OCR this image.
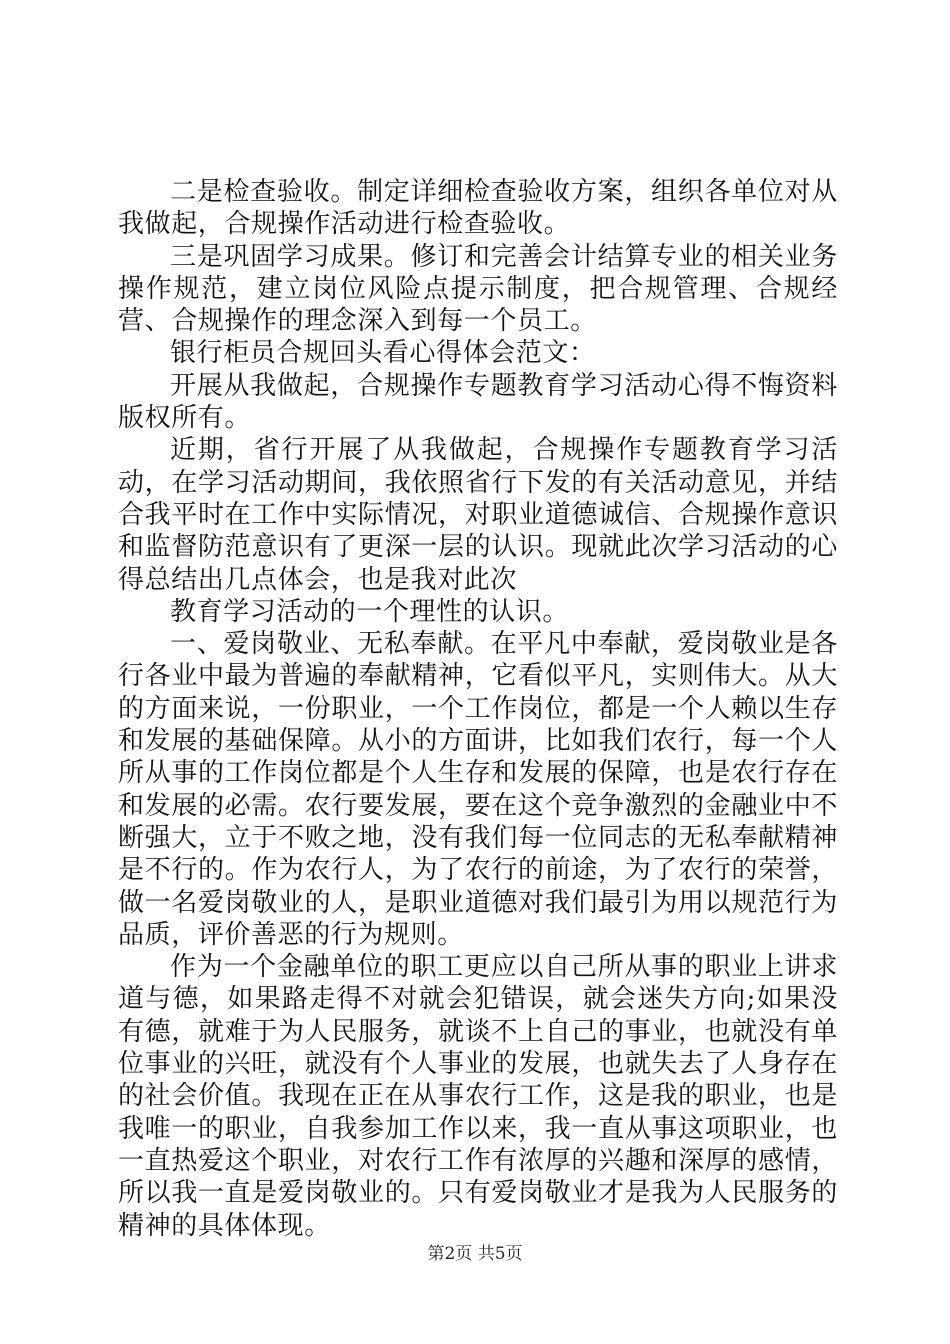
二是检查验收。制定详细检查验收方案，组织各单位对从我做起，合规操作活动进行检查验收。

三是巩固学习成果。修订和完善会计结算专业的相关业务操作规范，建立岗位风险点提示制度，把合规管理、合规经营、合规操作的理念深入到每一个员工。

银行柜员合规回头看心得体会范文：

开展从我做起，合规操作专题教育学习活动心得不悔资料版权所有。

近期，省行开展了从我做起，合规操作专题教育学习活动，在学习活动期间，我依照省行下发的有关活动意见，并结合我平时在工作中实际情况，对职业道德诚信、合规操作意识和监督防范意识有了更深一层的认识。现就此次学习活动的心得总结出几点体会，也是我对此次

教育学习活动的一个理性的认识。

一、爱岗敬业、无私奉献。在平凡中奉献，爱岗敬业是各行各业中最为普遍的奉献精神，它看似平凡，实则伟大。从大的方面来说，一份职业，一个工作岗位，都是一个人赖以生存和发展的基础保障。从小的方面讲，比如我们农行，每一个人所从事的工作岗位都是个人生存和发展的保障，也是农行存在和发展的必需。农行要发展，要在这个竞争激烈的金融业中不断强大，立于不败之地，没有我们每一位同志的无私奉献精神是不行的。作为农行人，为了农行的前途，为了农行的荣誉，做一名爱岗敬业的人，是职业道德对我们最引为用以规范行为品质，评价善恶的行为规则。

作为一个金融单位的职工更应以自己所从事的职业上讲求道与德，如果路走得不对就会犯错误，就会迷失方向;如果没有德，就难于为人民服务，就谈不上自己的事业，也就没有单位事业的兴旺，就没有个人事业的发展，也就失去了人身存在的社会价值。我现在正在从事农行工作，这是我的职业，也是我唯一的职业，自我参加工作以来，我一直从事这项职业，也一直热爱这个职业，对农行工作有浓厚的兴趣和深厚的感情，所以我一直是爱岗敬业的。只有爱岗敬业才是我为人民服务的精神的具体体现。

第2页 共5页
